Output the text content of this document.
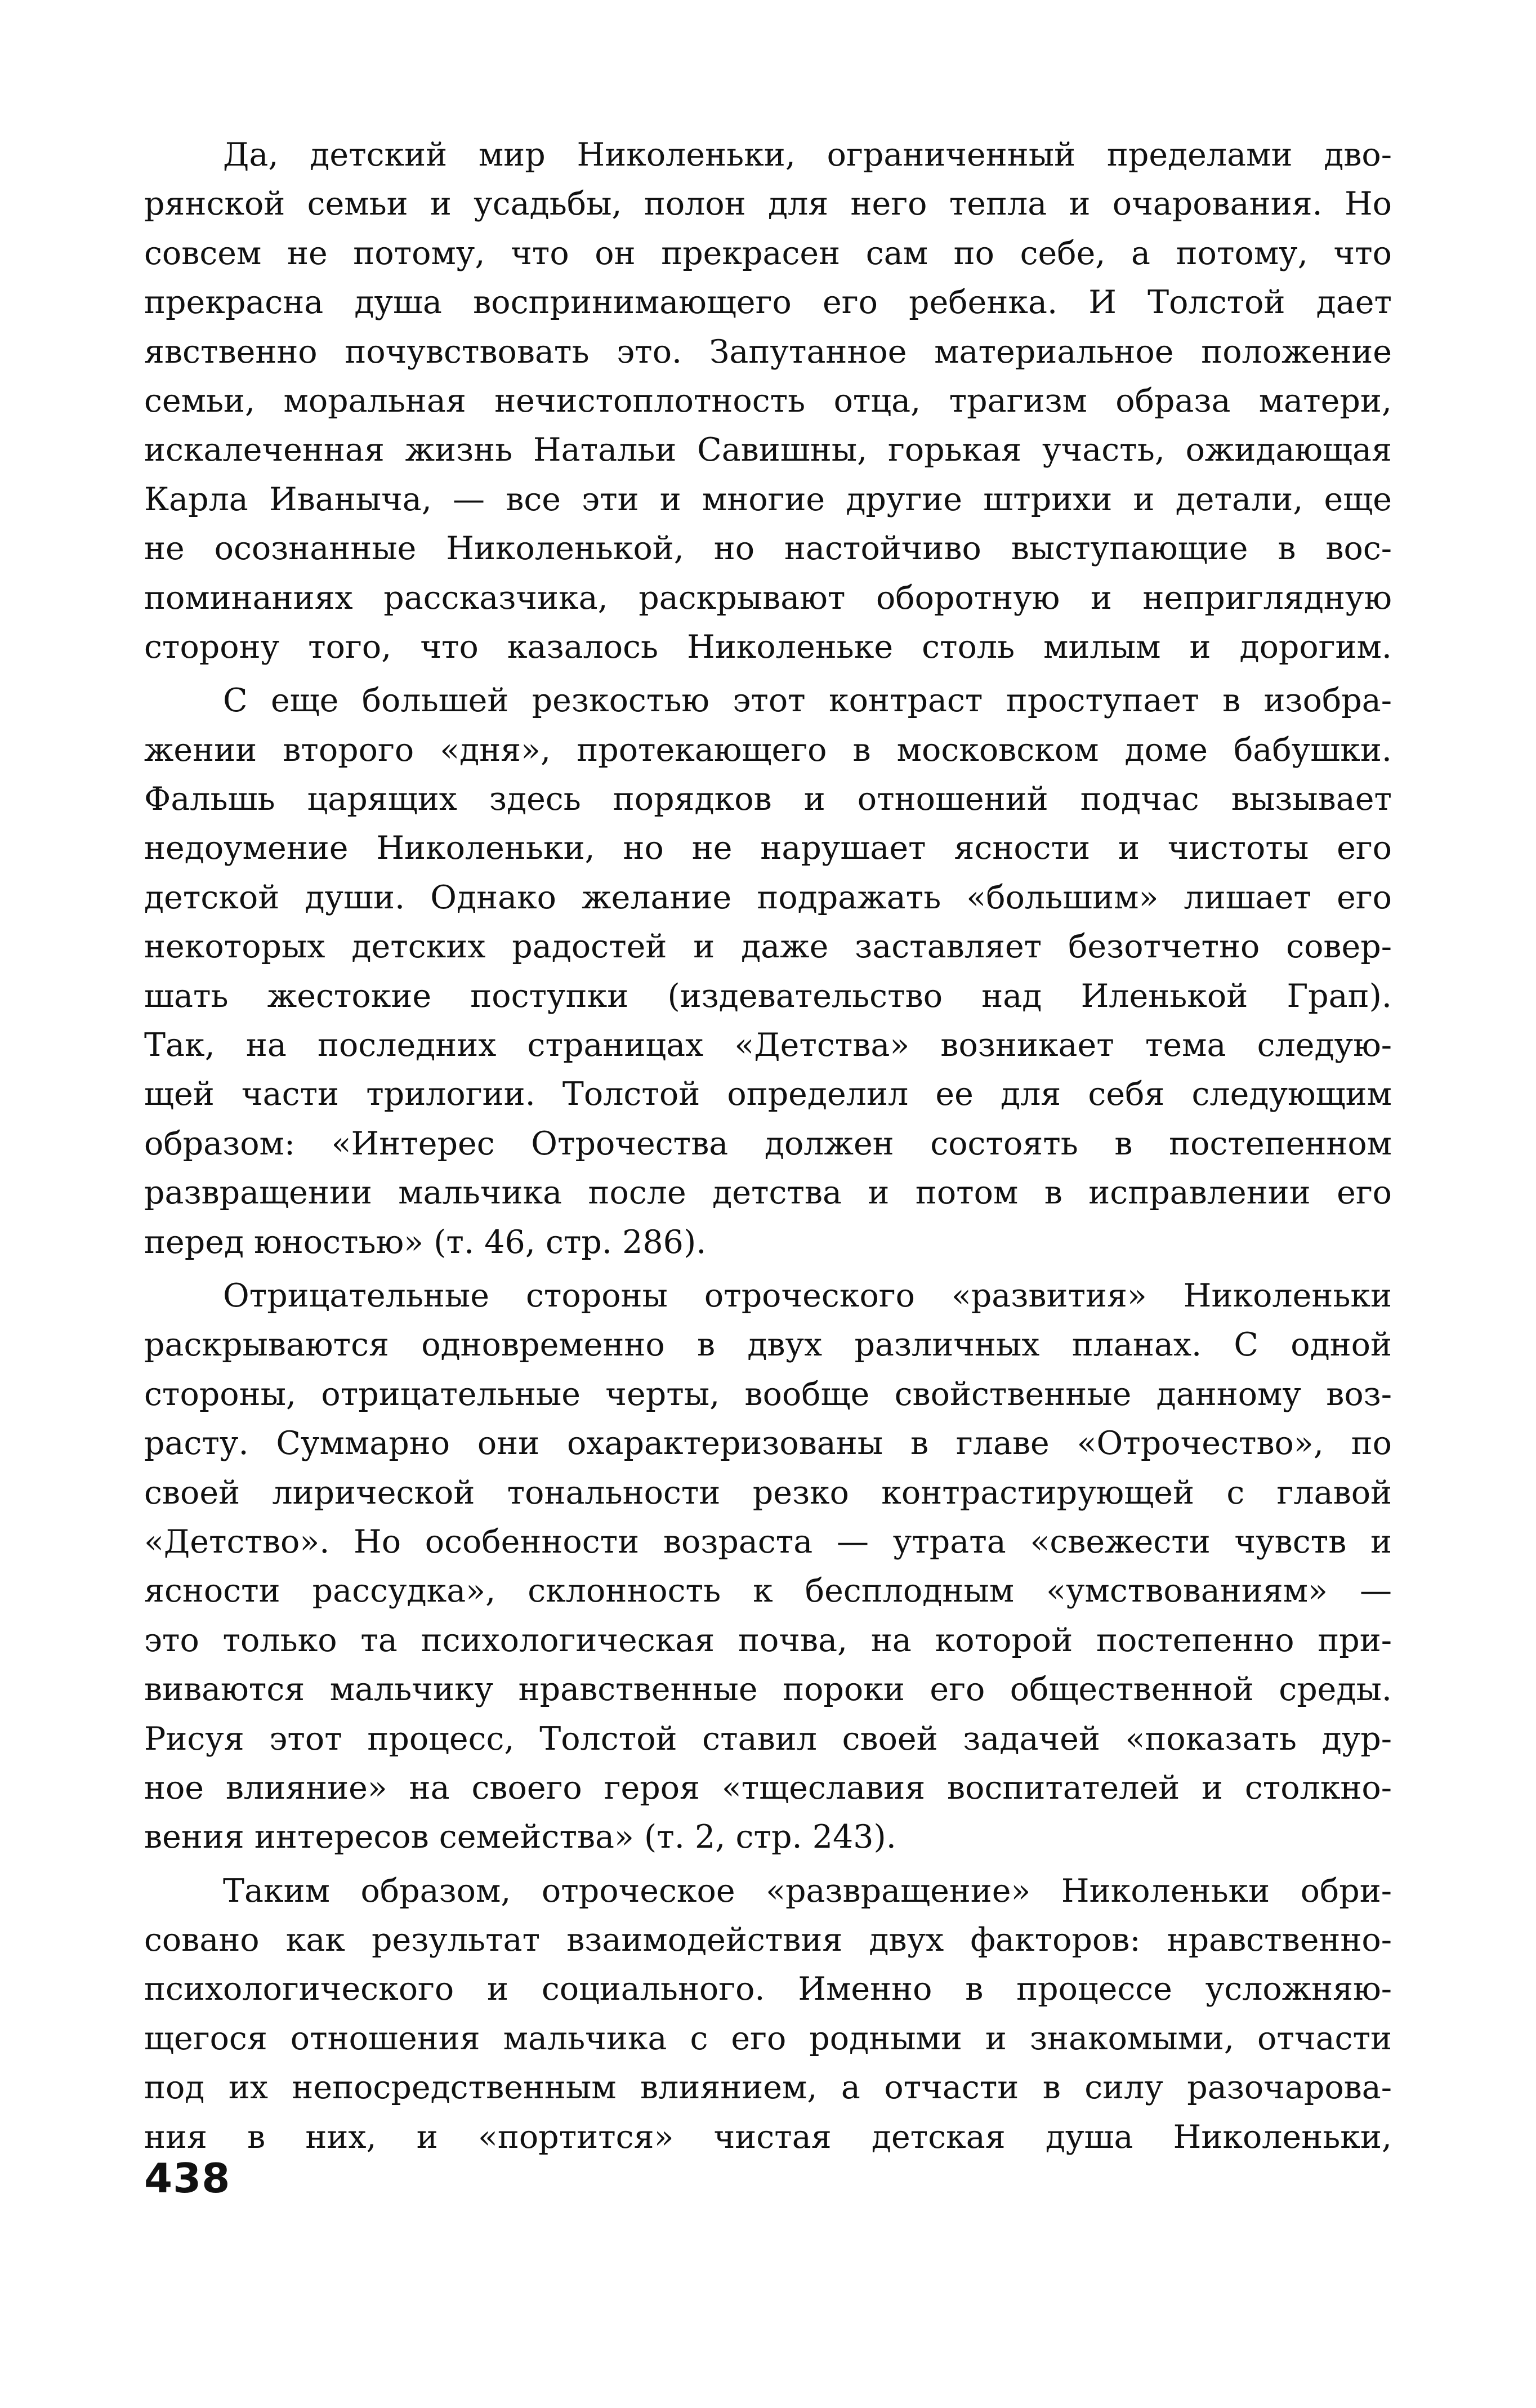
Да, детский мир Николеньки, ограниченный пределами дво-
рянской семьи и усадьбы, полон для него тепла и очарования. Но
совсем не потому, что он прекрасен сам по себе, а потому, что
прекрасна душа воспринимающего его ребенка. И Толстой дает
явственно почувствовать это. Запутанное материальное положение
семьи, моральная нечистоплотность отца, трагизм образа матери,
искалеченная жизнь Натальи Савишны, горькая участь, ожидающая
Карла Иваныча, — все эти и многие другие штрихи и детали, еще
не осознанные Николенькой, но настойчиво выступающие в вос-
поминаниях рассказчика, раскрывают оборотную и неприглядную
сторону того, что казалось Николеньке столь милым и дорогим.
С еще большей резкостью этот контраст проступает в изобра-
жении второго «дня», протекающего в московском доме бабушки.
Фальшь царящих здесь порядков и отношений подчас вызывает
недоумение Николеньки, но не нарушает ясности и чистоты его
детской души. Однако желание подражать «большим» лишает его
некоторых детских радостей и даже заставляет безотчетно совер-
шать жестокие поступки (издевательство над Иленькой Грап).
Так, на последних страницах «Детства» возникает тема следую-
щей части трилогии. Толстой определил ее для себя следующим
образом: «Интерес Отрочества должен состоять в постепенном
развращении мальчика после детства и потом в исправлении его
перед юностью» (т. 46, стр. 286).
Отрицательные стороны отроческого «развития» Николеньки
раскрываются одновременно в двух различных планах. С одной
стороны, отрицательные черты, вообще свойственные данному воз-
расту. Суммарно они охарактеризованы в главе «Отрочество», по
своей лирической тональности резко контрастирующей с главой
«Детство». Но особенности возраста — утрата «свежести чувств и
ясности рассудка», склонность к бесплодным «умствованиям» —
это только та психологическая почва, на которой постепенно при-
виваются мальчику нравственные пороки его общественной среды.
Рисуя этот процесс, Толстой ставил своей задачей «показать дур-
ное влияние» на своего героя «тщеславия воспитателей и столкно-
вения интересов семейства» (т. 2, стр. 243).
Таким образом, отроческое «развращение» Николеньки обри-
совано как результат взаимодействия двух факторов: нравственно-
психологического и социального. Именно в процессе усложняю-
щегося отношения мальчика с его родными и знакомыми, отчасти
под их непосредственным влиянием, а отчасти в силу разочарова-
ния в них, и «портится» чистая детская душа Николеньки,
438
